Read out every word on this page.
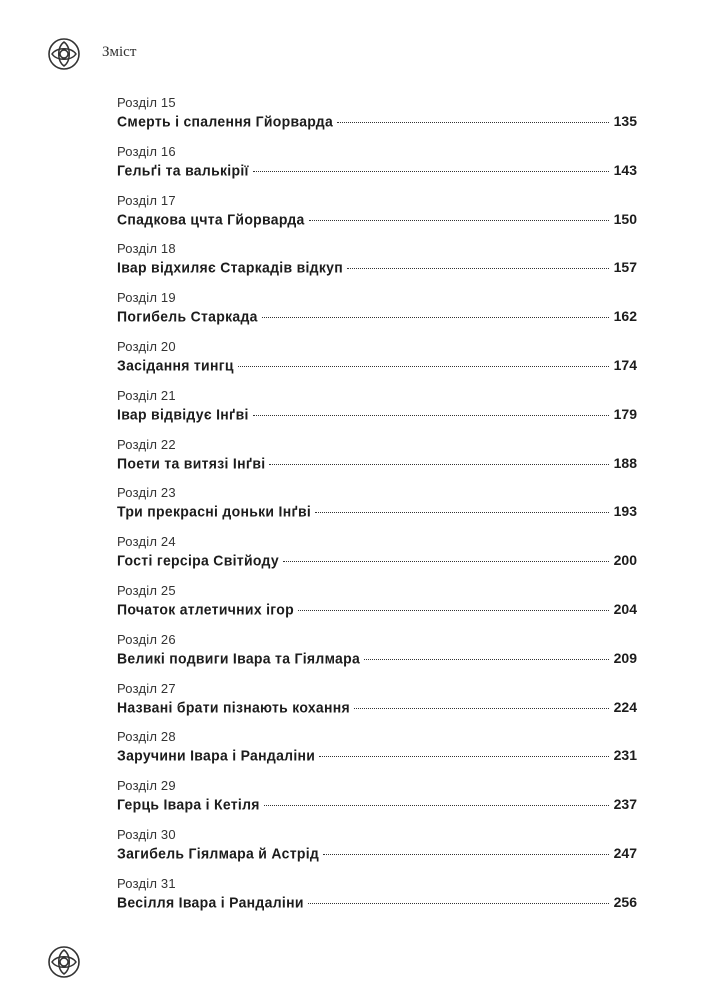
Зміст
Розділ 15
Смерть і спалення Гйорварда	135
Розділ 16
Гельґі та валькірії	143
Розділ 17
Спадкова цчта Гйорварда	150
Розділ 18
Івар відхиляє Старкадів відкуп	157
Розділ 19
Погибель Старкада	162
Розділ 20
Засідання тингц	174
Розділ 21
Івар відвідує Інґві	179
Розділ 22
Поети та витязі Інґві	188
Розділ 23
Три прекрасні доньки Інґві	193
Розділ 24
Гості герсіра Світйоду	200
Розділ 25
Початок атлетичних ігор	204
Розділ 26
Великі подвиги Івара та Гіялмара	209
Розділ 27
Названі брати пізнають кохання	224
Розділ 28
Заручини Івара і Рандаліни	231
Розділ 29
Герць Івара і Кетіля	237
Розділ 30
Загибель Гіялмара й Астрід	247
Розділ 31
Весілля Івара і Рандаліни	256
